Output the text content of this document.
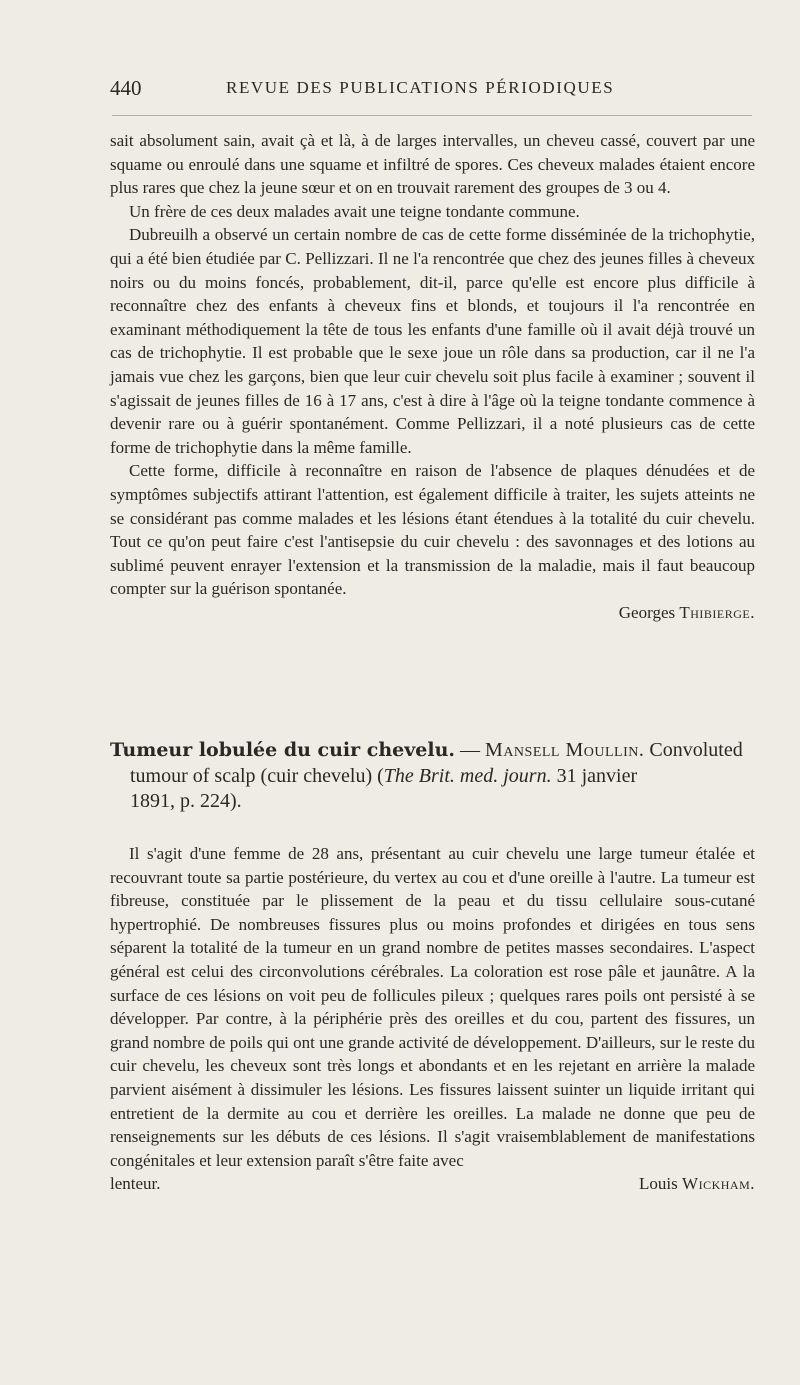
440	REVUE DES PUBLICATIONS PÉRIODIQUES

sait absolument sain, avait çà et là, à de larges intervalles, un cheveu cassé, couvert par une squame ou enroulé dans une squame et infiltré de spores. Ces cheveux malades étaient encore plus rares que chez la jeune sœur et on en trouvait rarement des groupes de 3 ou 4.

Un frère de ces deux malades avait une teigne tondante commune.

Dubreuilh a observé un certain nombre de cas de cette forme disséminée de la trichophytie, qui a été bien étudiée par C. Pellizzari. Il ne l'a rencontrée que chez des jeunes filles à cheveux noirs ou du moins foncés, probablement, dit-il, parce qu'elle est encore plus difficile à reconnaître chez des enfants à cheveux fins et blonds, et toujours il l'a rencontrée en examinant méthodiquement la tête de tous les enfants d'une famille où il avait déjà trouvé un cas de trichophytie. Il est probable que le sexe joue un rôle dans sa production, car il ne l'a jamais vue chez les garçons, bien que leur cuir chevelu soit plus facile à examiner ; souvent il s'agissait de jeunes filles de 16 à 17 ans, c'est à dire à l'âge où la teigne tondante commence à devenir rare ou à guérir spontanément. Comme Pellizzari, il a noté plusieurs cas de cette forme de trichophytie dans la même famille.

Cette forme, difficile à reconnaître en raison de l'absence de plaques dénudées et de symptômes subjectifs attirant l'attention, est également difficile à traiter, les sujets atteints ne se considérant pas comme malades et les lésions étant étendues à la totalité du cuir chevelu. Tout ce qu'on peut faire c'est l'antisepsie du cuir chevelu : des savonnages et des lotions au sublimé peuvent enrayer l'extension et la transmission de la maladie, mais il faut beaucoup compter sur la guérison spontanée.

Georges Thibierge.
Tumeur lobulée du cuir chevelu. — Mansell Moullin. Convoluted
tumour of scalp (cuir chevelu) (The Brit. med. journ. 31 janvier
1891, p. 224).

Il s'agit d'une femme de 28 ans, présentant au cuir chevelu une large tumeur étalée et recouvrant toute sa partie postérieure, du vertex au cou et d'une oreille à l'autre. La tumeur est fibreuse, constituée par le plissement de la peau et du tissu cellulaire sous-cutané hypertrophié. De nombreuses fissures plus ou moins profondes et dirigées en tous sens séparent la totalité de la tumeur en un grand nombre de petites masses secondaires. L'aspect général est celui des circonvolutions cérébrales. La coloration est rose pâle et jaunâtre. A la surface de ces lésions on voit peu de follicules pileux ; quelques rares poils ont persisté à se développer. Par contre, à la périphérie près des oreilles et du cou, partent des fissures, un grand nombre de poils qui ont une grande activité de développement. D'ailleurs, sur le reste du cuir chevelu, les cheveux sont très longs et abondants et en les rejetant en arrière la malade parvient aisément à dissimuler les lésions. Les fissures laissent suinter un liquide irritant qui entretient de la dermite au cou et derrière les oreilles. La malade ne donne que peu de renseignements sur les débuts de ces lésions. Il s'agit vraisemblablement de manifestations congénitales et leur extension paraît s'être faite avec

lenteur.	Louis Wickham.
